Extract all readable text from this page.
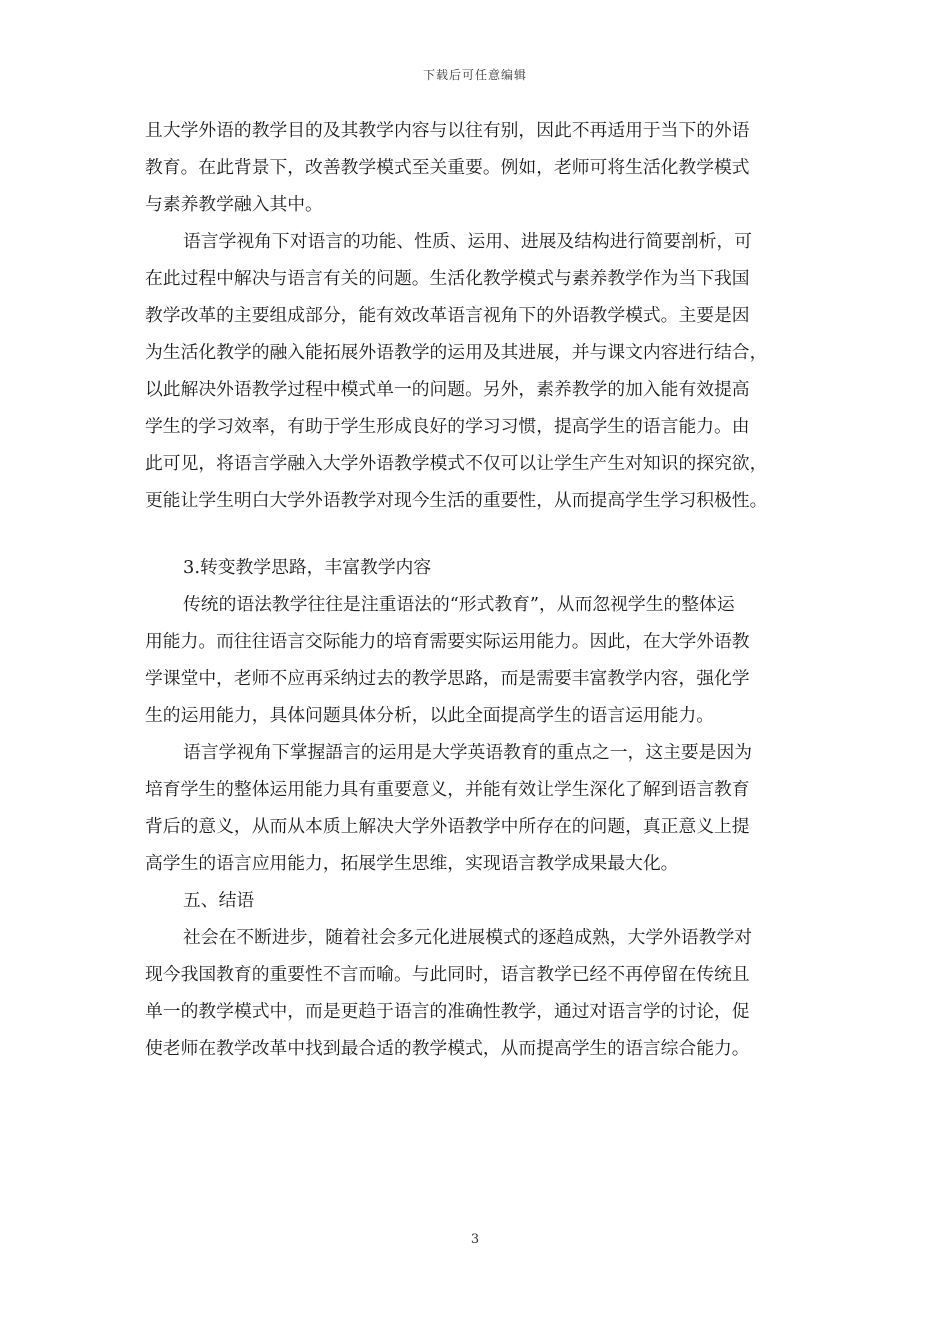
下载后可任意编辑
且大学外语的教学目的及其教学内容与以往有别，因此不再适用于当下的外语
教育。在此背景下，改善教学模式至关重要。例如，老师可将生活化教学模式
与素养教学融入其中。
语言学视角下对语言的功能、性质、运用、进展及结构进行简要剖析，可
在此过程中解决与语言有关的问题。生活化教学模式与素养教学作为当下我国
教学改革的主要组成部分，能有效改革语言视角下的外语教学模式。主要是因
为生活化教学的融入能拓展外语教学的运用及其进展，并与课文内容进行结合，
以此解决外语教学过程中模式单一的问题。另外，素养教学的加入能有效提高
学生的学习效率，有助于学生形成良好的学习习惯，提高学生的语言能力。由
此可见，将语言学融入大学外语教学模式不仅可以让学生产生对知识的探究欲，
更能让学生明白大学外语教学对现今生活的重要性，从而提高学生学习积极性。
3.转变教学思路，丰富教学内容
传统的语法教学往往是注重语法的“形式教育”，从而忽视学生的整体运
用能力。而往往语言交际能力的培育需要实际运用能力。因此，在大学外语教
学课堂中，老师不应再采纳过去的教学思路，而是需要丰富教学内容，强化学
生的运用能力，具体问题具体分析，以此全面提高学生的语言运用能力。
语言学视角下掌握語言的运用是大学英语教育的重点之一，这主要是因为
培育学生的整体运用能力具有重要意义，并能有效让学生深化了解到语言教育
背后的意义，从而从本质上解决大学外语教学中所存在的问题，真正意义上提
高学生的语言应用能力，拓展学生思维，实现语言教学成果最大化。
五、结语
社会在不断进步，随着社会多元化进展模式的逐趋成熟，大学外语教学对
现今我国教育的重要性不言而喻。与此同时，语言教学已经不再停留在传统且
单一的教学模式中，而是更趋于语言的准确性教学，通过对语言学的讨论，促
使老师在教学改革中找到最合适的教学模式，从而提高学生的语言综合能力。
3
